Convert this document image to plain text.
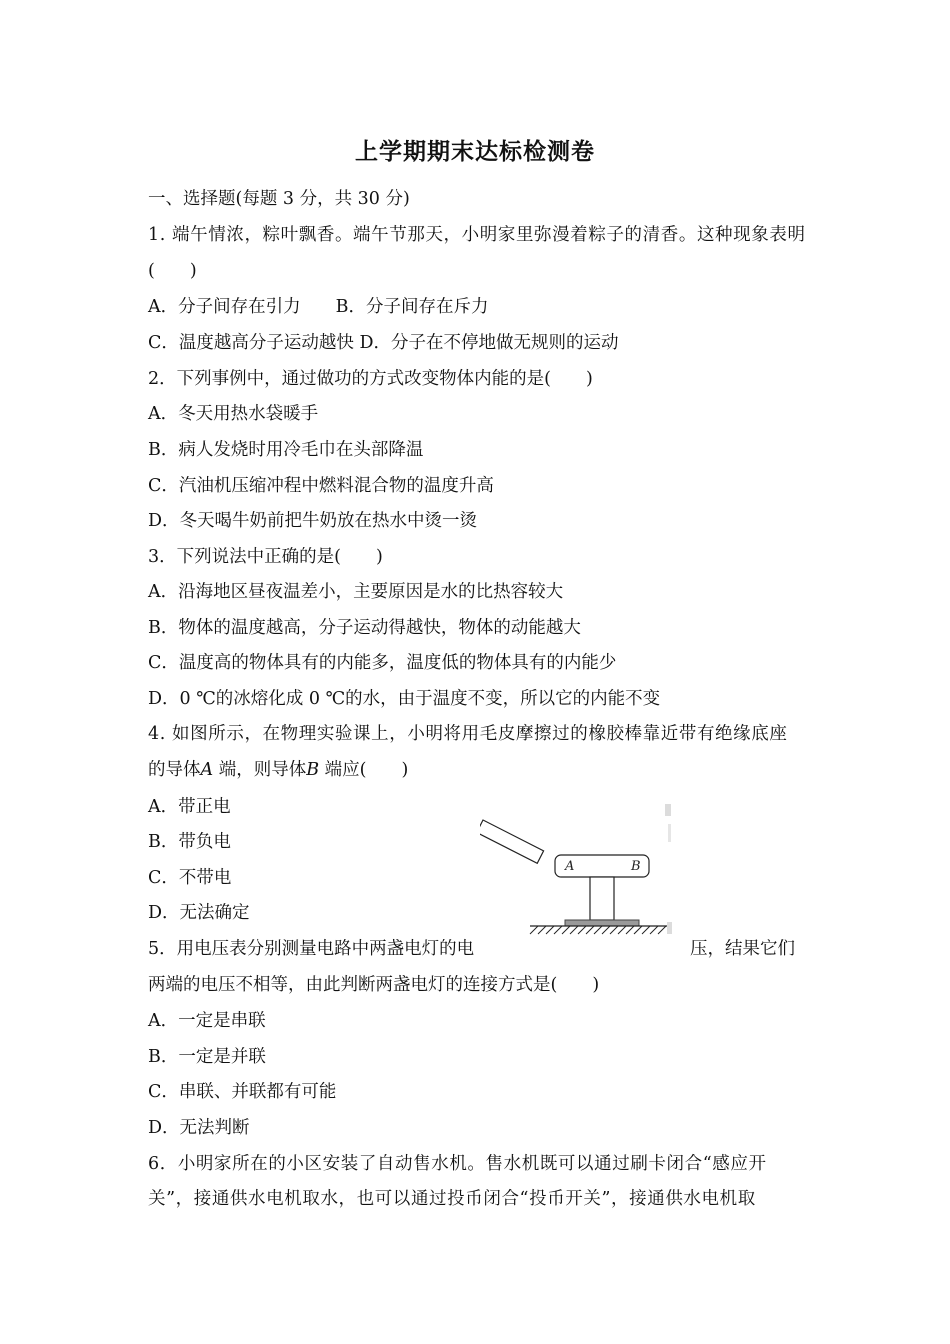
上学期期末达标检测卷
一、选择题(每题 3 分，共 30 分)
1. 端午情浓，粽叶飘香。端午节那天，小明家里弥漫着粽子的清香。这种现象表明
(　　)
A．分子间存在引力　　B．分子间存在斥力
C．温度越高分子运动越快 D．分子在不停地做无规则的运动
2．下列事例中，通过做功的方式改变物体内能的是(　　)
A．冬天用热水袋暖手
B．病人发烧时用冷毛巾在头部降温
C．汽油机压缩冲程中燃料混合物的温度升高
D．冬天喝牛奶前把牛奶放在热水中烫一烫
3．下列说法中正确的是(　　)
A．沿海地区昼夜温差小，主要原因是水的比热容较大
B．物体的温度越高，分子运动得越快，物体的动能越大
C．温度高的物体具有的内能多，温度低的物体具有的内能少
D．0 ℃的冰熔化成 0 ℃的水，由于温度不变，所以它的内能不变
4. 如图所示，在物理实验课上，小明将用毛皮摩擦过的橡胶棒靠近带有绝缘底座
的导体A 端，则导体B 端应(　　)
A．带正电
B．带负电
C．不带电
D．无法确定
A	B
5．用电压表分别测量电路中两盏电灯的电	压，结果它们
两端的电压不相等，由此判断两盏电灯的连接方式是(　　)
A．一定是串联
B．一定是并联
C．串联、并联都有可能
D．无法判断
6．小明家所在的小区安装了自动售水机。售水机既可以通过刷卡闭合“感应开
关”，接通供水电机取水，也可以通过投币闭合“投币开关”，接通供水电机取
